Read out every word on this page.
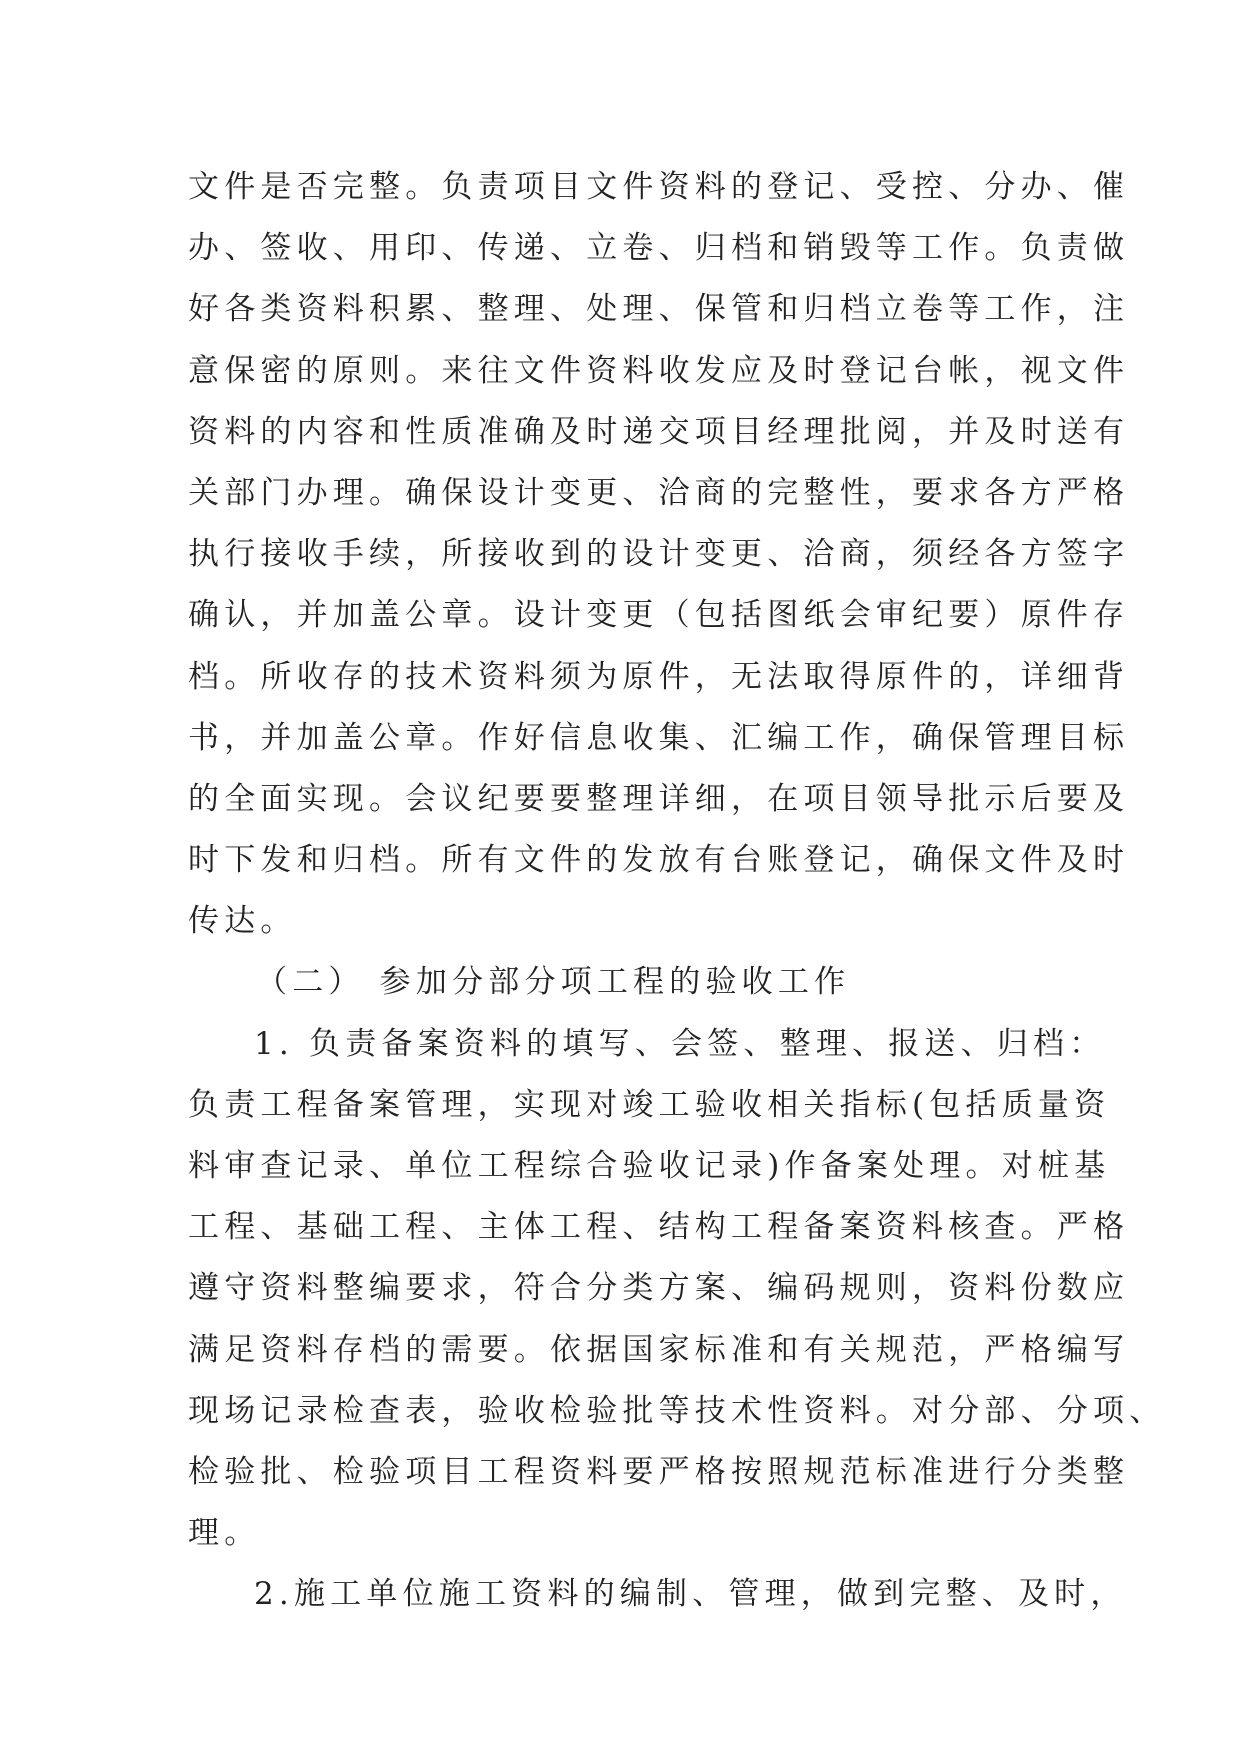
文件是否完整。负责项目文件资料的登记、受控、分办、催
办、签收、用印、传递、立卷、归档和销毁等工作。负责做
好各类资料积累、整理、处理、保管和归档立卷等工作，注
意保密的原则。来往文件资料收发应及时登记台帐，视文件
资料的内容和性质准确及时递交项目经理批阅，并及时送有
关部门办理。确保设计变更、洽商的完整性，要求各方严格
执行接收手续，所接收到的设计变更、洽商，须经各方签字
确认，并加盖公章。设计变更（包括图纸会审纪要）原件存
档。所收存的技术资料须为原件，无法取得原件的，详细背
书，并加盖公章。作好信息收集、汇编工作，确保管理目标
的全面实现。会议纪要要整理详细，在项目领导批示后要及
时下发和归档。所有文件的发放有台账登记，确保文件及时
传达。
（二） 参加分部分项工程的验收工作
1. 负责备案资料的填写、会签、整理、报送、归档：
负责工程备案管理，实现对竣工验收相关指标(包括质量资
料审查记录、单位工程综合验收记录)作备案处理。对桩基
工程、基础工程、主体工程、结构工程备案资料核查。严格
遵守资料整编要求，符合分类方案、编码规则，资料份数应
满足资料存档的需要。依据国家标准和有关规范，严格编写
现场记录检查表，验收检验批等技术性资料。对分部、分项、
检验批、检验项目工程资料要严格按照规范标准进行分类整
理。
2.施工单位施工资料的编制、管理，做到完整、及时，
